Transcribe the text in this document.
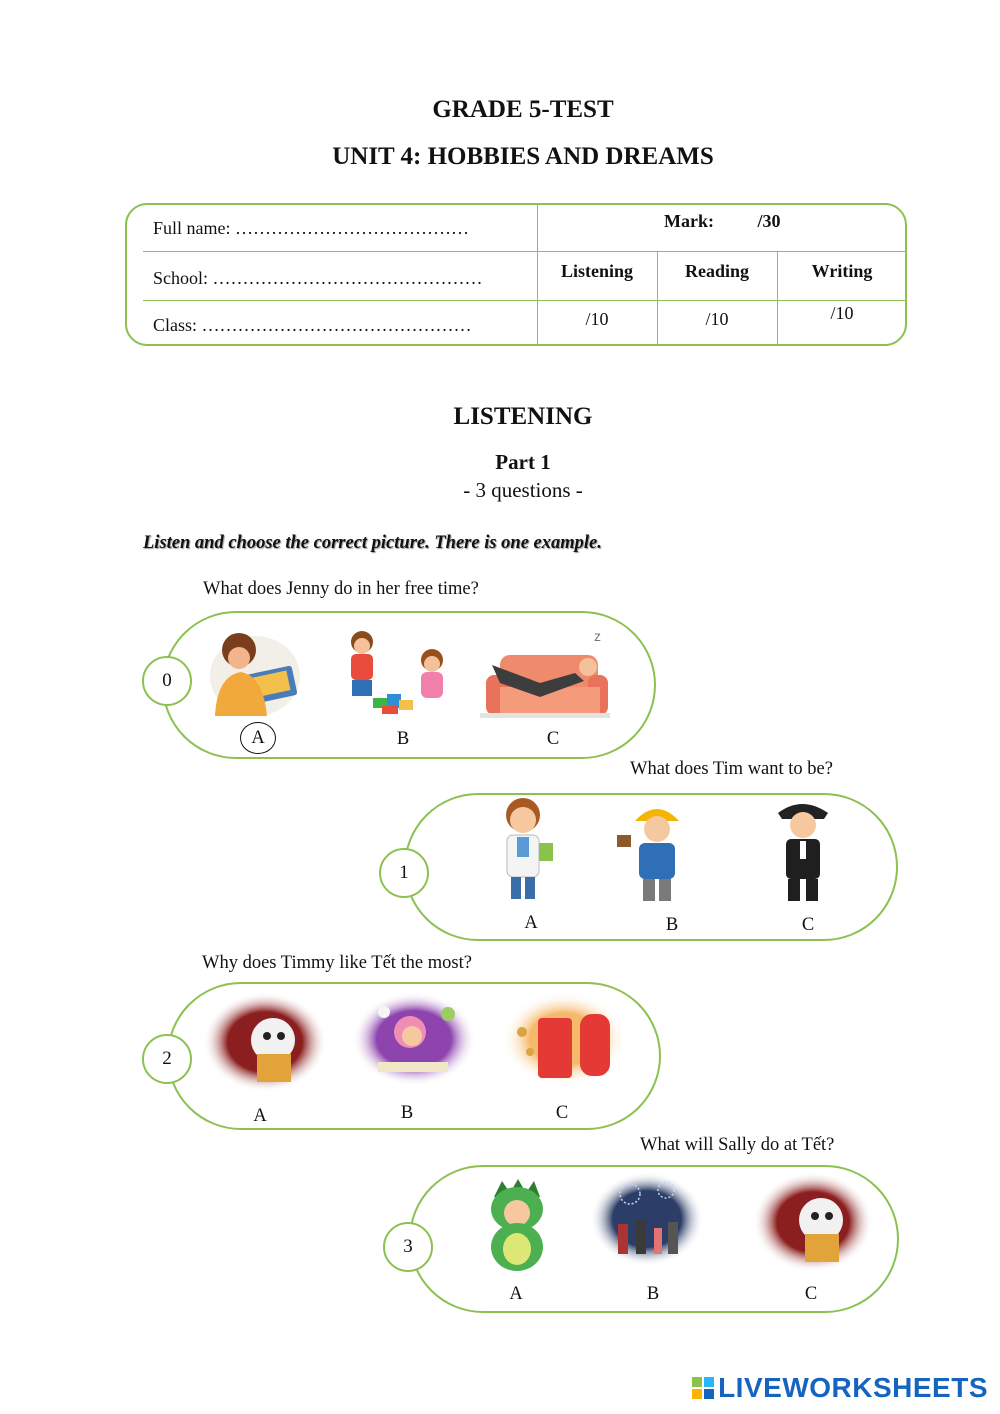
GRADE 5-TEST
UNIT 4: HOBBIES AND DREAMS
Full name: …………………………………
School: ………………………………………
Class: ………………………………………
Mark:	/30
Listening	Reading	Writing
/10	/10	/10
LISTENING
Part 1
- 3 questions -
Listen and choose the correct picture. There is one example.
What does Jenny do in her free time?
0
z
A	B	C
What does Tim want to be?
1
A	B	C
Why does Timmy like Tết the most?
2
A	B	C
What will Sally do at Tết?
3
A	B	C
LIVEWORKSHEETS
